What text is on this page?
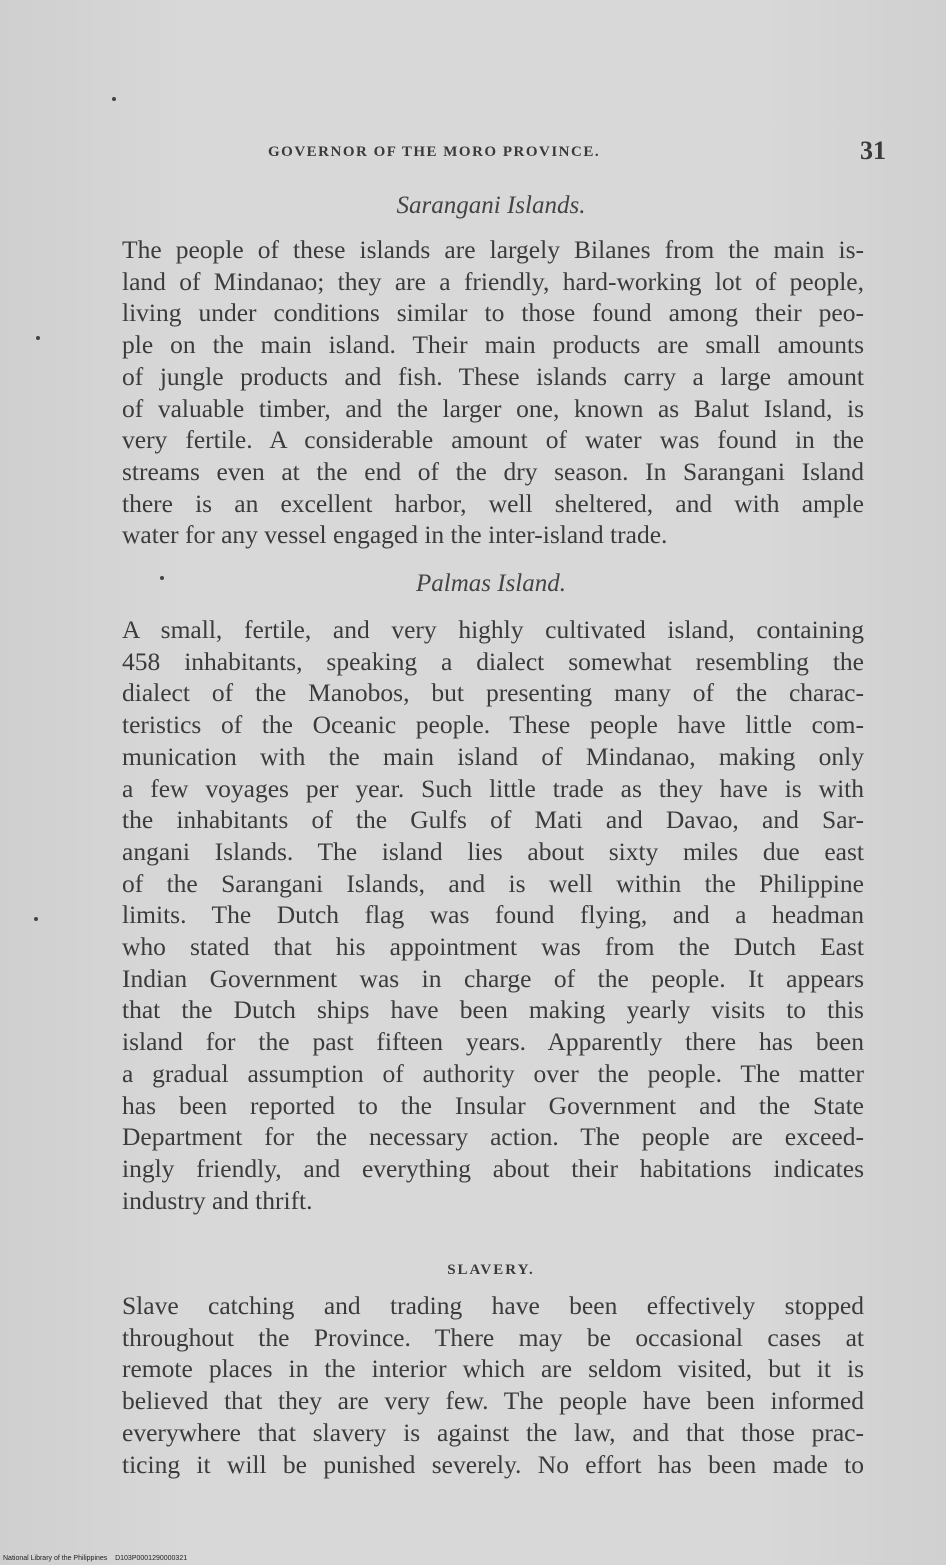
GOVERNOR OF THE MORO PROVINCE.	31
Sarangani Islands.
The people of these islands are largely Bilanes from the main is-
land of Mindanao; they are a friendly, hard-working lot of people,
living under conditions similar to those found among their peo-
ple on the main island. Their main products are small amounts
of jungle products and fish. These islands carry a large amount
of valuable timber, and the larger one, known as Balut Island, is
very fertile. A considerable amount of water was found in the
streams even at the end of the dry season. In Sarangani Island
there is an excellent harbor, well sheltered, and with ample
water for any vessel engaged in the inter-island trade.
Palmas Island.
A small, fertile, and very highly cultivated island, containing
458 inhabitants, speaking a dialect somewhat resembling the
dialect of the Manobos, but presenting many of the charac-
teristics of the Oceanic people. These people have little com-
munication with the main island of Mindanao, making only
a few voyages per year. Such little trade as they have is with
the inhabitants of the Gulfs of Mati and Davao, and Sar-
angani Islands. The island lies about sixty miles due east
of the Sarangani Islands, and is well within the Philippine
limits. The Dutch flag was found flying, and a headman
who stated that his appointment was from the Dutch East
Indian Government was in charge of the people. It appears
that the Dutch ships have been making yearly visits to this
island for the past fifteen years. Apparently there has been
a gradual assumption of authority over the people. The matter
has been reported to the Insular Government and the State
Department for the necessary action. The people are exceed-
ingly friendly, and everything about their habitations indicates
industry and thrift.
SLAVERY.
Slave catching and trading have been effectively stopped
throughout the Province. There may be occasional cases at
remote places in the interior which are seldom visited, but it is
believed that they are very few. The people have been informed
everywhere that slavery is against the law, and that those prac-
ticing it will be punished severely. No effort has been made to
National Library of the Philippines D103P0001290000321
